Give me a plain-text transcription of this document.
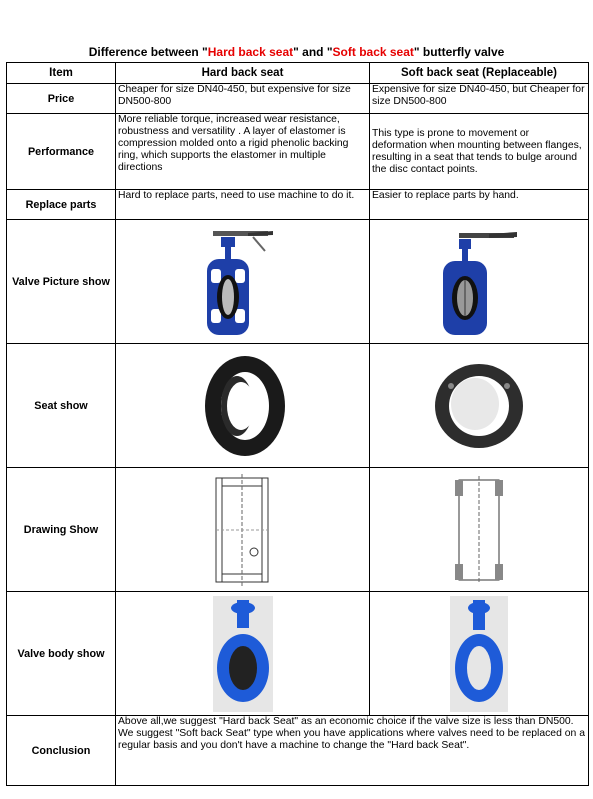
Difference between "Hard back seat" and "Soft back seat" butterfly valve
Item	Hard back seat	Soft back seat (Replaceable)
Price	Cheaper for size DN40-450, but expensive for size DN500-800	Expensive for size DN40-450, but Cheaper for size DN500-800
Performance	More reliable torque, increased wear resistance, robustness and versatility . A layer of elastomer is compression molded onto a rigid phenolic backing ring, which supports the elastomer in multiple directions	This type is prone to movement or deformation when mounting between flanges, resulting in a seat that tends to bulge around the disc contact points.
Replace parts	Hard to replace parts, need to use machine to do it.	Easier to replace parts by hand.
Valve Picture show	

Seat show	

Drawing Show	

Valve body show	

Conclusion	Above all,we suggest "Hard back Seat" as an economic choice if the valve size is less than DN500.

We suggest "Soft back Seat" type when you have applications where valves need to be replaced on a regular basis and you don't have a machine to change the "Hard back Seat".	
